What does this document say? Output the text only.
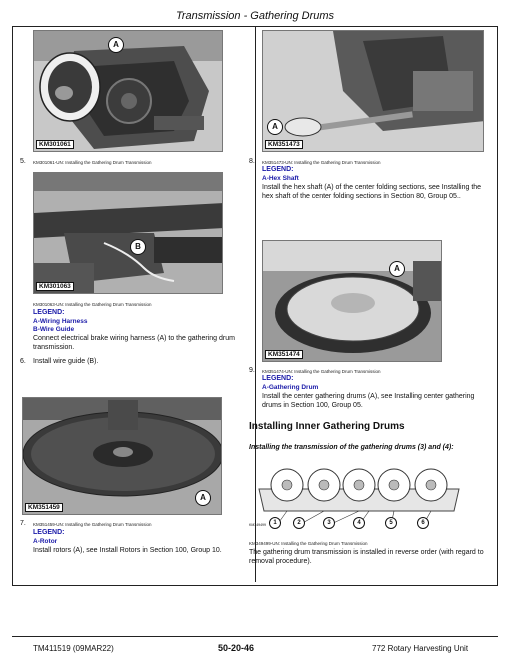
Transmission - Gathering Drums
KM301061
A
5. KM301061-UN: Installing the Gathering Drum Transmission
KM301063
B
KM301063-UN: Installing the Gathering Drum Transmission
LEGEND:
A-Wiring Harness
B-Wire Guide
Connect electrical brake wiring harness (A) to the gathering drum transmission.
6. Install wire guide (B).
KM351459
A
7. KM351459-UN: Installing the Gathering Drum Transmission
LEGEND:
A-Rotor
Install rotors (A), see Install Rotors in Section 100, Group 10.
KM351473
A
8. KM351473-UN: Installing the Gathering Drum Transmission
LEGEND:
A-Hex Shaft
Install the hex shaft (A) of the center folding sections, see Installing the hex shaft of the center folding sections in Section 80, Group 05..
KM351474
A
9. KM351474-UN: Installing the Gathering Drum Transmission
LEGEND:
A-Gathering Drum
Install the center gathering drums (A), see Installing center gathering drums in Section 100, Group 05.
Installing Inner Gathering Drums
Installing the transmission of the gathering drums (3) and (4):
KM349499	1	2	3	4	5	6
KM349499-UN: Installing the Gathering Drum Transmission
The gathering drum transmission is installed in reverse order (with regard to removal procedure).
TM411519 (09MAR22)	50-20-46	772 Rotary Harvesting Unit
